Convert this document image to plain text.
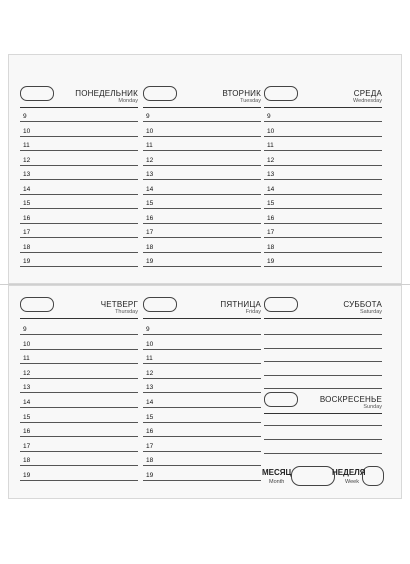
ПОНЕДЕЛЬНИК
Monday
9
10
11
12
13
14
15
16
17
18
19
ВТОРНИК
Tuesday
9
10
11
12
13
14
15
16
17
18
19
СРЕДА
Wednesday
9
10
11
12
13
14
15
16
17
18
19
ЧЕТВЕРГ
Thursday
9
10
11
12
13
14
15
16
17
18
19
ПЯТНИЦА
Friday
9
10
11
12
13
14
15
16
17
18
19
СУББОТА
Saturday
ВОСКРЕСЕНЬЕ
Sunday
МЕСЯЦ
Month
НЕДЕЛЯ
Week
